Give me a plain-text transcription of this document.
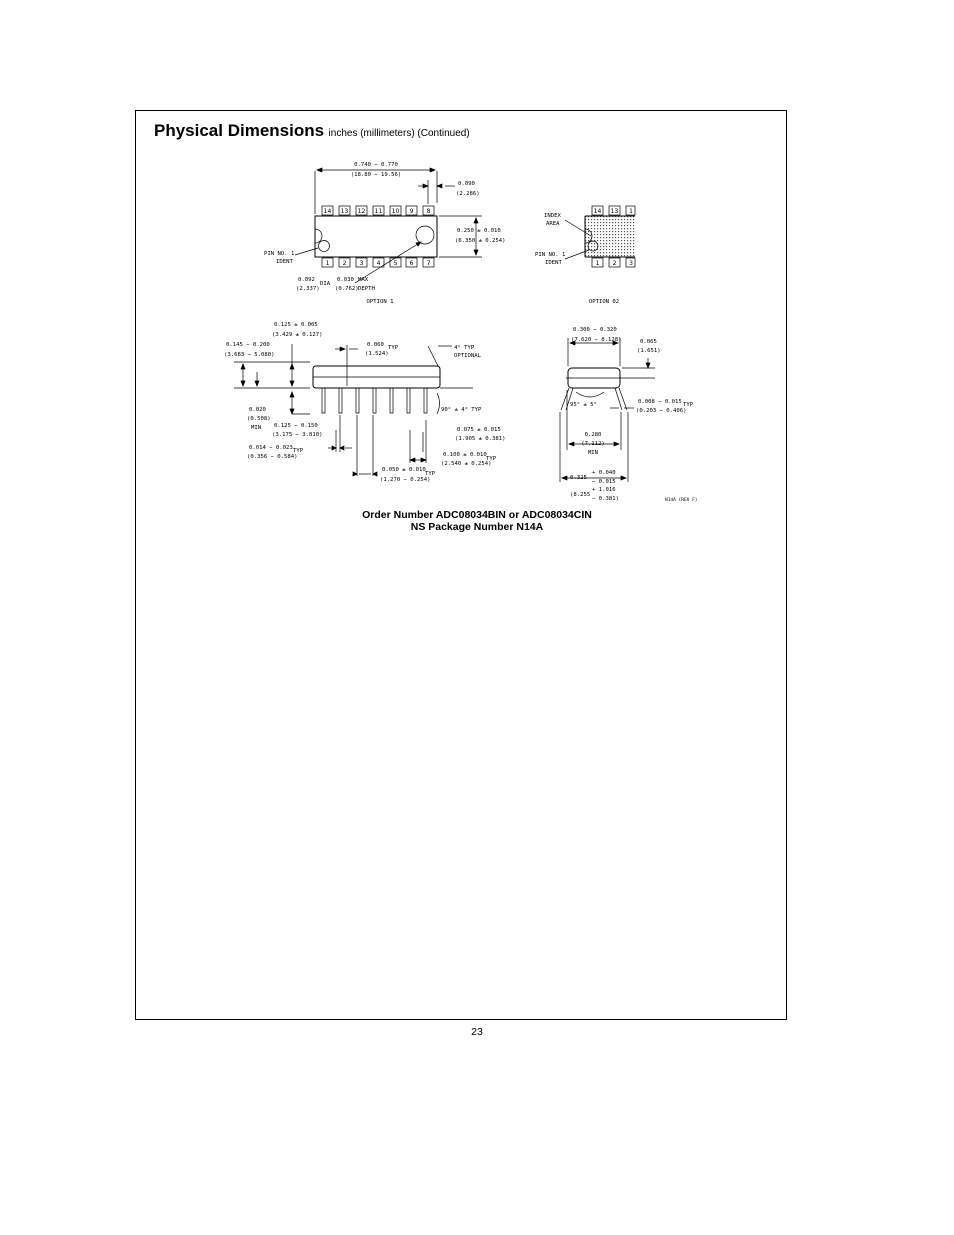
Physical Dimensions inches (millimeters) (Continued)
0.740 − 0.770
(18.80 − 19.56)
0.090
(2.286)
0.250 ± 0.010
(6.350 ± 0.254)
PIN NO. 1
IDENT
0.092
(2.337)
DIA
0.030
(0.762)
MAX
DEPTH
OPTION 1
14 13 12 11 10 9 8
1 2 3 4 5 6 7
INDEX
AREA
PIN NO. 1
IDENT
OPTION 02
14 13 1
1 2 3
0.125 ± 0.005
(3.429 ± 0.127)
0.145 − 0.200
(3.683 − 5.080)
0.060
(1.524)
TYP	4° TYP
OPTIONAL
0.020
(0.508)
MIN 0.125 − 0.150
(3.175 − 3.810)
90° ± 4° TYP
0.014 − 0.023
(0.356 − 0.584)
TYP
0.075 ± 0.015
(1.905 ± 0.381)
0.100 ± 0.010
(2.540 ± 0.254)
TYP
0.050 ± 0.010
(1.270 − 0.254)
TYP
0.300 − 0.320
(7.620 − 8.128)	0.065
(1.651)
95° ± 5°	0.008 − 0.015
(0.203 − 0.406)
TYP
0.280
(7.112)
MIN
0.325
+ 0.040
− 0.015
(8.255
+ 1.016
− 0.381)	N14A (REV F)
Order Number ADC08034BIN or ADC08034CIN
NS Package Number N14A
23
